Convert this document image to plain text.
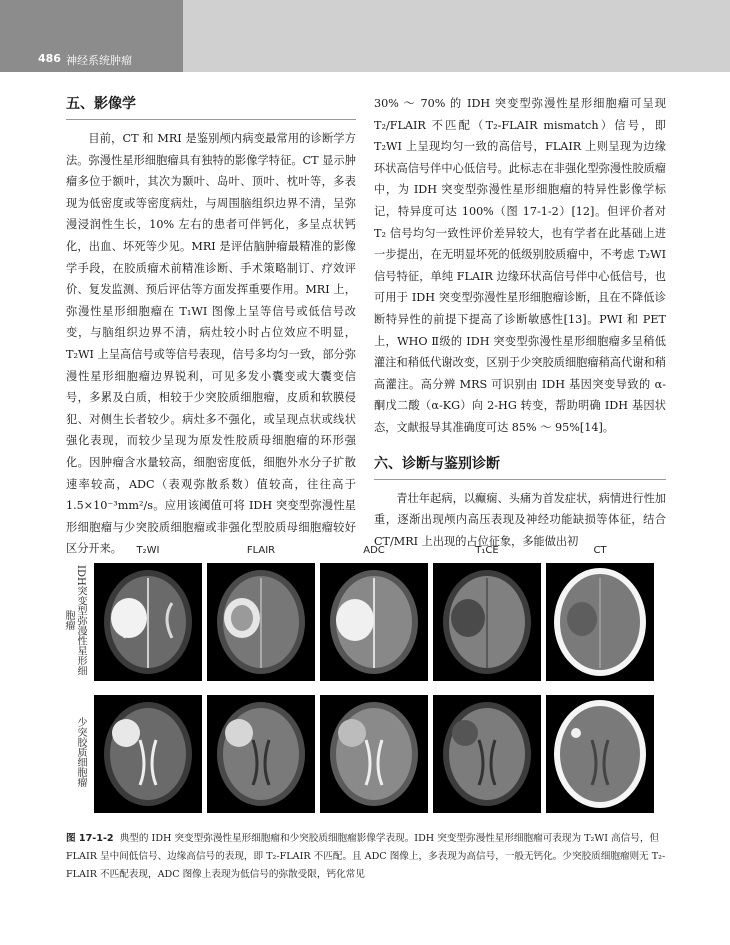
486 神经系统肿瘤
五、影像学

目前，CT 和 MRI 是鉴别颅内病变最常用的诊断学方法。弥漫性星形细胞瘤具有独特的影像学特征。CT 显示肿瘤多位于额叶，其次为颞叶、岛叶、顶叶、枕叶等，多表现为低密度或等密度病灶，与周围脑组织边界不清，呈弥漫浸润性生长，10% 左右的患者可伴钙化，多呈点状钙化，出血、坏死等少见。MRI 是评估脑肿瘤最精准的影像学手段，在胶质瘤术前精准诊断、手术策略制订、疗效评价、复发监测、预后评估等方面发挥重要作用。MRI 上，弥漫性星形细胞瘤在 T₁WI 图像上呈等信号或低信号改变，与脑组织边界不清，病灶较小时占位效应不明显，T₂WI 上呈高信号或等信号表现，信号多均匀一致，部分弥漫性星形细胞瘤边界锐利，可见多发小囊变或大囊变信号，多累及白质，相较于少突胶质细胞瘤，皮质和软膜侵犯、对侧生长者较少。病灶多不强化，或呈现点状或线状强化表现，而较少呈现为原发性胶质母细胞瘤的环形强化。因肿瘤含水量较高，细胞密度低，细胞外水分子扩散速率较高，ADC（表观弥散系数）值较高，往往高于 1.5×10⁻³mm²/s。应用该阈值可将 IDH 突变型弥漫性星形细胞瘤与少突胶质细胞瘤或非强化型胶质母细胞瘤较好区分开来。

30% ～ 70% 的 IDH 突变型弥漫性星形细胞瘤可呈现 T₂/FLAIR 不匹配（T₂-FLAIR mismatch）信号，即 T₂WI 上呈现均匀一致的高信号，FLAIR 上则呈现为边缘环状高信号伴中心低信号。此标志在非强化型弥漫性胶质瘤中，为 IDH 突变型弥漫性星形细胞瘤的特异性影像学标记，特异度可达 100%（图 17-1-2）[12]。但评价者对 T₂ 信号均匀一致性评价差异较大，也有学者在此基础上进一步提出，在无明显坏死的低级别胶质瘤中，不考虑 T₂WI 信号特征，单纯 FLAIR 边缘环状高信号伴中心低信号，也可用于 IDH 突变型弥漫性星形细胞瘤诊断，且在不降低诊断特异性的前提下提高了诊断敏感性[13]。PWI 和 PET 上，WHO Ⅱ级的 IDH 突变型弥漫性星形细胞瘤多呈稍低灌注和稍低代谢改变，区别于少突胶质细胞瘤稍高代谢和稍高灌注。高分辨 MRS 可识别由 IDH 基因突变导致的 α-酮戊二酸（α-KG）向 2-HG 转变，帮助明确 IDH 基因状态，文献报导其准确度可达 85% ～ 95%[14]。

六、诊断与鉴别诊断

青壮年起病，以癫痫、头痛为首发症状，病情进行性加重，逐渐出现颅内高压表现及神经功能缺损等体征，结合 CT/MRI 上出现的占位征象，多能做出初

T₂WI	FLAIR	ADC	T₁CE	CT
IDH突变型弥漫性星形细胞瘤
少突胶质细胞瘤
图 17-1-2 典型的 IDH 突变型弥漫性星形细胞瘤和少突胶质细胞瘤影像学表现。IDH 突变型弥漫性星形细胞瘤可表现为 T₂WI 高信号，但 FLAIR 呈中间低信号、边缘高信号的表现，即 T₂-FLAIR 不匹配。且 ADC 图像上，多表现为高信号，一般无钙化。少突胶质细胞瘤则无 T₂-FLAIR 不匹配表现，ADC 图像上表现为低信号的弥散受限，钙化常见
